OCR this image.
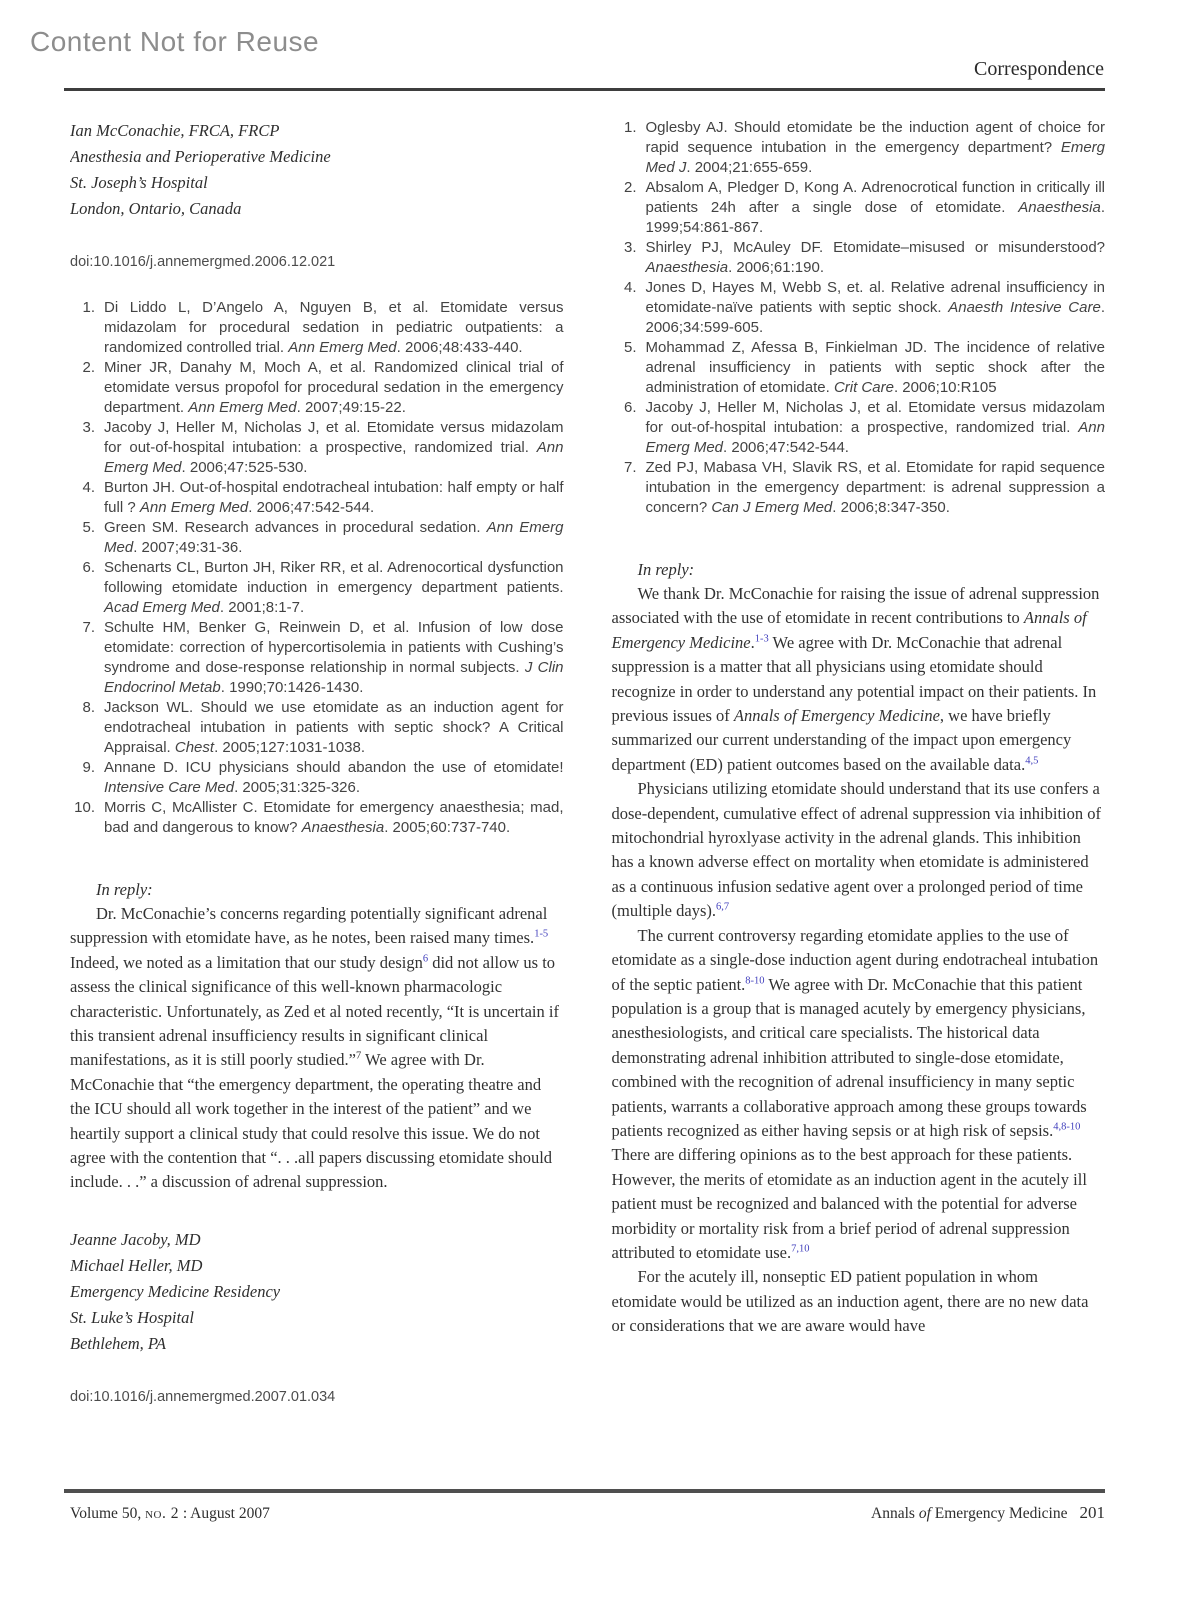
Content Not for Reuse
Correspondence
Ian McConachie, FRCA, FRCP
Anesthesia and Perioperative Medicine
St. Joseph’s Hospital
London, Ontario, Canada
doi:10.1016/j.annemergmed.2006.12.021
1. Di Liddo L, D’Angelo A, Nguyen B, et al. Etomidate versus midazolam for procedural sedation in pediatric outpatients: a randomized controlled trial. Ann Emerg Med. 2006;48:433-440.
2. Miner JR, Danahy M, Moch A, et al. Randomized clinical trial of etomidate versus propofol for procedural sedation in the emergency department. Ann Emerg Med. 2007;49:15-22.
3. Jacoby J, Heller M, Nicholas J, et al. Etomidate versus midazolam for out-of-hospital intubation: a prospective, randomized trial. Ann Emerg Med. 2006;47:525-530.
4. Burton JH. Out-of-hospital endotracheal intubation: half empty or half full ? Ann Emerg Med. 2006;47:542-544.
5. Green SM. Research advances in procedural sedation. Ann Emerg Med. 2007;49:31-36.
6. Schenarts CL, Burton JH, Riker RR, et al. Adrenocortical dysfunction following etomidate induction in emergency department patients. Acad Emerg Med. 2001;8:1-7.
7. Schulte HM, Benker G, Reinwein D, et al. Infusion of low dose etomidate: correction of hypercortisolemia in patients with Cushing’s syndrome and dose-response relationship in normal subjects. J Clin Endocrinol Metab. 1990;70:1426-1430.
8. Jackson WL. Should we use etomidate as an induction agent for endotracheal intubation in patients with septic shock? A Critical Appraisal. Chest. 2005;127:1031-1038.
9. Annane D. ICU physicians should abandon the use of etomidate! Intensive Care Med. 2005;31:325-326.
10. Morris C, McAllister C. Etomidate for emergency anaesthesia; mad, bad and dangerous to know? Anaesthesia. 2005;60:737-740.
In reply:

Dr. McConachie’s concerns regarding potentially significant adrenal suppression with etomidate have, as he notes, been raised many times.$^{1-5}$ Indeed, we noted as a limitation that our study design$^6$ did not allow us to assess the clinical significance of this well-known pharmacologic characteristic. Unfortunately, as Zed et al noted recently, “It is uncertain if this transient adrenal insufficiency results in significant clinical manifestations, as it is still poorly studied.”$^7$ We agree with Dr. McConachie that “the emergency department, the operating theatre and the ICU should all work together in the interest of the patient” and we heartily support a clinical study that could resolve this issue. We do not agree with the contention that “. . .all papers discussing etomidate should include. . .” a discussion of adrenal suppression.

Jeanne Jacoby, MD
Michael Heller, MD
Emergency Medicine Residency
St. Luke’s Hospital
Bethlehem, PA
doi:10.1016/j.annemergmed.2007.01.034
1. Oglesby AJ. Should etomidate be the induction agent of choice for rapid sequence intubation in the emergency department? Emerg Med J. 2004;21:655-659.
2. Absalom A, Pledger D, Kong A. Adrenocrotical function in critically ill patients 24h after a single dose of etomidate. Anaesthesia. 1999;54:861-867.
3. Shirley PJ, McAuley DF. Etomidate–misused or misunderstood? Anaesthesia. 2006;61:190.
4. Jones D, Hayes M, Webb S, et. al. Relative adrenal insufficiency in etomidate-naïve patients with septic shock. Anaesth Intesive Care. 2006;34:599-605.
5. Mohammad Z, Afessa B, Finkielman JD. The incidence of relative adrenal insufficiency in patients with septic shock after the administration of etomidate. Crit Care. 2006;10:R105
6. Jacoby J, Heller M, Nicholas J, et al. Etomidate versus midazolam for out-of-hospital intubation: a prospective, randomized trial. Ann Emerg Med. 2006;47:542-544.
7. Zed PJ, Mabasa VH, Slavik RS, et al. Etomidate for rapid sequence intubation in the emergency department: is adrenal suppression a concern? Can J Emerg Med. 2006;8:347-350.
In reply:

We thank Dr. McConachie for raising the issue of adrenal suppression associated with the use of etomidate in recent contributions to Annals of Emergency Medicine.$^{1-3}$ We agree with Dr. McConachie that adrenal suppression is a matter that all physicians using etomidate should recognize in order to understand any potential impact on their patients. In previous issues of Annals of Emergency Medicine, we have briefly summarized our current understanding of the impact upon emergency department (ED) patient outcomes based on the available data.$^{4,5}$

Physicians utilizing etomidate should understand that its use confers a dose-dependent, cumulative effect of adrenal suppression via inhibition of mitochondrial hyroxlyase activity in the adrenal glands. This inhibition has a known adverse effect on mortality when etomidate is administered as a continuous infusion sedative agent over a prolonged period of time (multiple days).$^{6,7}$

The current controversy regarding etomidate applies to the use of etomidate as a single-dose induction agent during endotracheal intubation of the septic patient.$^{8-10}$ We agree with Dr. McConachie that this patient population is a group that is managed acutely by emergency physicians, anesthesiologists, and critical care specialists. The historical data demonstrating adrenal inhibition attributed to single-dose etomidate, combined with the recognition of adrenal insufficiency in many septic patients, warrants a collaborative approach among these groups towards patients recognized as either having sepsis or at high risk of sepsis.$^{4,8-10}$ There are differing opinions as to the best approach for these patients. However, the merits of etomidate as an induction agent in the acutely ill patient must be recognized and balanced with the potential for adverse morbidity or mortality risk from a brief period of adrenal suppression attributed to etomidate use.$^{7,10}$

For the acutely ill, nonseptic ED patient population in whom etomidate would be utilized as an induction agent, there are no new data or considerations that we are aware would have

Volume 50, no. 2 : August 2007	Annals of Emergency Medicine 201
